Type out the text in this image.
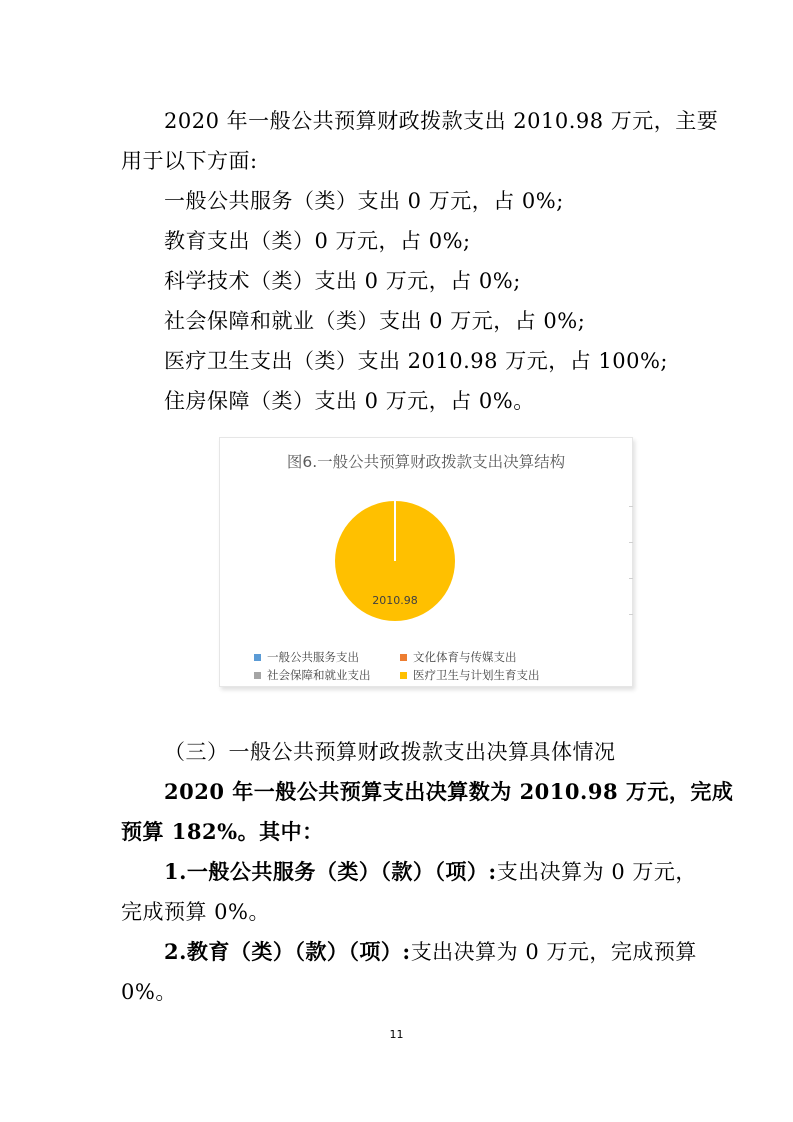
2020 年一般公共预算财政拨款支出 2010.98 万元，主要
用于以下方面:
一般公共服务（类）支出 0 万元，占 0%;
教育支出（类）0 万元，占 0%;
科学技术（类）支出 0 万元，占 0%;
社会保障和就业（类）支出 0 万元，占 0%;
医疗卫生支出（类）支出 2010.98 万元，占 100%;
住房保障（类）支出 0 万元，占 0%。
图6.一般公共预算财政拨款支出决算结构
2010.98
一般公共服务支出	文化体育与传媒支出
社会保障和就业支出	医疗卫生与计划生育支出
（三）一般公共预算财政拨款支出决算具体情况
2020 年一般公共预算支出决算数为 2010.98 万元，完成
预算 182%。其中：
1.一般公共服务（类）（款）（项）:支出决算为 0 万元，
完成预算 0%。
2.教育（类）（款）（项）:支出决算为 0 万元，完成预算
0%。
11
